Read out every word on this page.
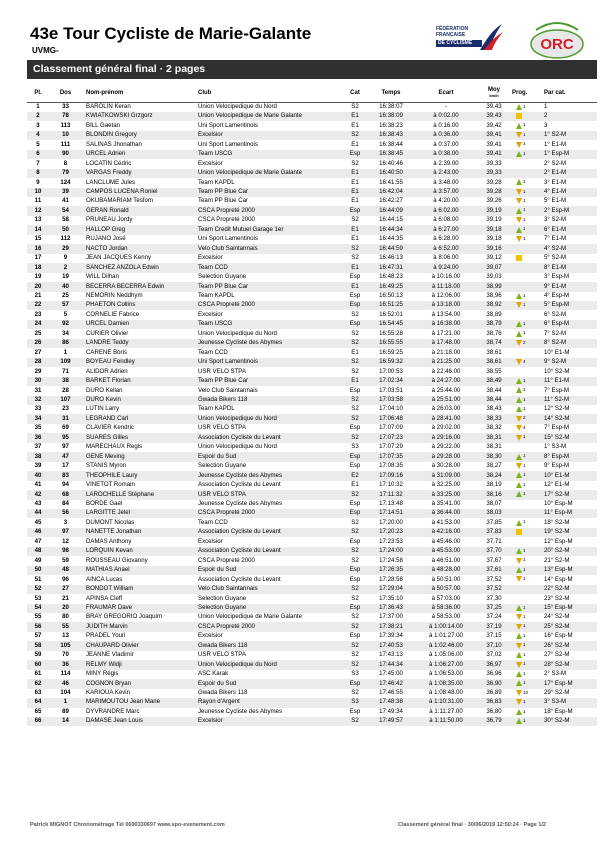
43e Tour Cycliste de Marie-Galante
UVMG-
FÉDÉRATION
FRANÇAISE
DE CYCLISME	ORC
Classement général final · 2 pages
Pl.	Dos	Nom-prénom	Club	Cat	Temps	Ecart	Moy
km/h	Prog.	Par cat.
1	33	BAROLIN Keran	Union Velocipedique du Nord	S2	16:38:07	-	39,43	1	1
2	78	KWIATKOWSKI Grzgorz	Union Velocipedique de Marie Galante	E1	16:38:09	à 0:02.00	39,43		2
3	113	BILL Gaetan	Uni Sport Lamentinois	E1	16:38:23	à 0:16.00	39,42	1	3
4	10	BLONDIN Gregory	Excelsior	S2	16:38:43	à 0:36.00	39,41	1	1° S2-M
5	111	SALINAS Jhonathan	Uni Sport Lamentinois	E1	16:38:44	à 0:37.00	39,41	1	1° E1-M
6	90	URCEL Adrien	Team USCG	Esp	16:38:45	à 0:38.00	39,41	1	1° Esp-M
7	8	LOCATIN Cédric	Excelsior	S2	16:40:46	à 2:39.00	39,33		2° S2-M
8	79	VARGAS Freddy	Union Velocipedique de Marie Galante	E1	16:40:50	à 2:43.00	39,33		2° E1-M
9	124	LANCLUME Jules	Team KAPDL	E1	16:41:55	à 3:48.00	39,28	1	3° E1-M
10	39	CAMPOS LUCENA Roniel	Team PP Blue Car	E1	16:42:04	à 3:57.00	39,28	1	4° E1-M
11	41	OKUBAMARIAM Tesfom	Team PP Blue Car	E1	16:42:27	à 4:20.00	39,26	1	5° E1-M
12	54	GERAN Ronald	CSCA Propreté 2000	Esp	16:44:09	à 6:02.00	39,19	1	2° Esp-M
13	58	PRUNEAU Jordy	CSCA Propreté 2000	S2	16:44:15	à 6:08.00	39,19	1	3° S2-M
14	50	HALLOP Greg	Team Credit Mutuel Garage 1er	E1	16:44:34	à 6:27.00	39,18	1	6° E1-M
15	112	RUJANO José	Uni Sport Lamentinois	E1	16:44:35	à 6:28.00	39,18	1	7° E1-M
16	29	NACTO Jordan	Velo Club Saintannais	S2	16:44:59	à 6:52.00	39,16		4° S2-M
17	9	JEAN JACQUES Kenny	Excelsior	S2	16:46:13	à 8:06.00	39,12		5° S2-M
18	2	SANCHEZ ANZOLA Edwin	Team CCD	E1	16:47:31	à 9:24.00	39,07		8° E1-M
19	19	WILL Dilhan	Selection Guyane	Esp	16:48:23	à 10:16.00	39,03		3° Esp-M
20	40	BECERRA BECERRA Edwin	Team PP Blue Car	E1	16:49:25	à 11:18.00	38,99		9° E1-M
21	25	NEMORIN Neddhym	Team KAPDL	Esp	16:50:13	à 12:06.00	38,96	1	4° Esp-M
22	57	PHAETON Collins	CSCA Propreté 2000	Esp	16:51:25	à 13:18.00	38,92	1	5° Esp-M
23	5	CORNELIE Fabrice	Excelsior	S2	16:52:01	à 13:54.00	38,89		6° S2-M
24	92	URCEL Damien	Team USCG	Esp	16:54:45	à 16:38.00	38,79	1	6° Esp-M
25	34	CURIER Olivier	Union Velocipedique du Nord	S2	16:55:28	à 17:21.00	38,76	1	7° S2-M
26	86	LANDRE Teddy	Jeunesse Cycliste des Abymes	S2	16:55:55	à 17:48.00	38,74	2	8° S2-M
27	1	CARENE Boris	Team CCD	E1	16:59:25	à 21:18.00	38,61		10° E1-M
28	109	BOYEAU Fendley	Uni Sport Lamentinois	S2	16:59:32	à 21:25.00	38,61	4	9° S2-M
29	71	ALIDOR Adrien	USR VELO STPA	S2	17:00:53	à 22:46.00	38,55		10° S2-M
30	38	BARKET Florian	Team PP Blue Car	E1	17:02:34	à 24:27.00	38,49	1	11° E1-M
31	28	DURO Kellan	Velo Club Saintannais	Esp	17:03:51	à 25:44.00	38,44	1	7° Esp-M
32	107	DURO Kevin	Gwada Bikers 118	S2	17:03:58	à 25:51.00	38,44	1	11° S2-M
33	23	LUTIN Larry	Team KAPDL	S2	17:04:10	à 26:03.00	38,43	1	12° S2-M
34	31	LEGRAND Carl	Union Velocipedique du Nord	S2	17:06:48	à 28:41.00	38,33	2	14° S2-M
35	69	CLAVIER Kendric	USR VELO STPA	Esp	17:07:09	à 29:02.00	38,32	4	7° Esp-M
36	95	SUARES Gilles	Association Cycliste du Levant	S2	17:07:23	à 29:16.00	38,31	1	15° S2-M
37	97	MARECHAUX Regis	Union Velocipedique du Nord	S3	17:07:29	à 29:22.00	38,31		1° S3-M
38	47	GENE Meving	Espoir du Sud	Esp	17:07:35	à 29:28.00	38,30	1	8° Esp-M
39	17	STANIS Myron	Selection Guyane	Esp	17:08:35	à 30:28.00	38,27	1	9° Esp-M
40	83	THEOPHILE Laury	Jeunesse Cycliste des Abymes	E2	17:09:16	à 31:09.00	38,24	1	10° E1-M
41	94	VINETOT Romain	Association Cycliste du Levant	E1	17:10:32	à 32:25.00	38,19	1	12° E1-M
42	68	LAROCHELLE Stéphane	USR VELO STPA	S2	17:11:32	à 33:25.00	38,16	1	17° S2-M
43	84	BORDE Gael	Jeunesse Cycliste des Abymes	Esp	17:13:48	à 35:41.00	38,07		10° Esp-M
44	56	LARGITTE Jelel	CSCA Propreté 2000	Esp	17:14:51	à 36:44.00	38,03		11° Esp-M
45	3	DUMONT Nicolas	Team CCD	S2	17:20:00	à 41:53.00	37,85	1	18° S2-M
46	97	NANETTE Jonathan	Association Cycliste du Levant	S2	17:20:23	à 42:16.00	37,83		19° S2-M
47	12	DAMAS Anthony	Excelsior	Esp	17:23:53	à 45:46.00	37,71		12° Esp-M
48	98	LORQUIN Kevan	Association Cycliste du Levant	S2	17:24:00	à 45:53.00	37,70	1	20° S2-M
49	59	ROUSSEAU Giovanny	CSCA Propreté 2000	S2	17:24:58	à 46:51.00	37,67	1	21° S2-M
50	48	MATHIAS Anael	Espoir du Sud	Esp	17:26:35	à 48:28.00	37,61	1	13° Esp-M
51	96	AINCA Lucas	Association Cycliste du Levant	Esp	17:28:58	à 50:51.00	37,52	1	14° Esp-M
52	27	BONDOT William	Velo Club Saintannais	S2	17:29:04	à 50:57.00	37,52		22° S2-M
53	21	APINSA Cleff	Selection Guyane	S2	17:35:10	à 57:03.00	37,30		23° S2-M
54	20	FRAUMAR Dave	Selection Guyane	Esp	17:36:43	à 58:36.00	37,25	1	15° Esp-M
55	80	BRAY GREGORIO Joaquim	Union Velocipedique de Marie Galante	S2	17:37:00	à 58:53.00	37,24	1	24° S2-M
56	55	JUDITH Marvin	CSCA Propreté 2000	S2	17:38:21	à 1:00:14.00	37,19	1	25° S2-M
57	13	PRADEL Youri	Excelsior	Esp	17:39:34	à 1:01:27.00	37,15	1	16° Esp-M
58	105	CHAUPARD Olivier	Gwada Bikers 118	S2	17:40:53	à 1:02:46.00	37,10	1	26° S2-M
59	70	JEANNE Vladimir	USR VELO STPA	S2	17:43:13	à 1:05:06.00	37,02	1	27° S2-M
60	36	RELMY Widji	Union Velocipedique du Nord	S2	17:44:34	à 1:06:27.00	36,97	1	28° S2-M
61	114	MINY Régis	ASC Karak	S3	17:45:00	à 1:06:53.00	36,96	1	2° S3-M
62	46	COGNON Bryan	Espoir du Sud	Esp	17:46:42	à 1:08:35.00	36,90	1	17° Esp-M
63	104	KARIOUA Kevin	Gwada Bikers 118	S2	17:46:55	à 1:08:48.00	36,89	10	29° S2-M
64	1	MARIMOUTOU Jean Marie	Rayon d'Argent	S3	17:48:38	à 1:10:31.00	36,83	1	3° S3-M
65	89	DYVRANDRE Marc	Jeunesse Cycliste des Abymes	Esp	17:49:34	à 1:11:27.00	36,80	1	18° Esp-M
66	14	DAMASE Jean Louis	Excelsior	S2	17:49:57	à 1:11:50.00	36,79	1	30° S2-M
Patrick MIGNOT Chronométrage Tél 0690330697 www.spo-evenement.com	Classement général final · 30/06/2019 12:50:24 · Page 1/2
